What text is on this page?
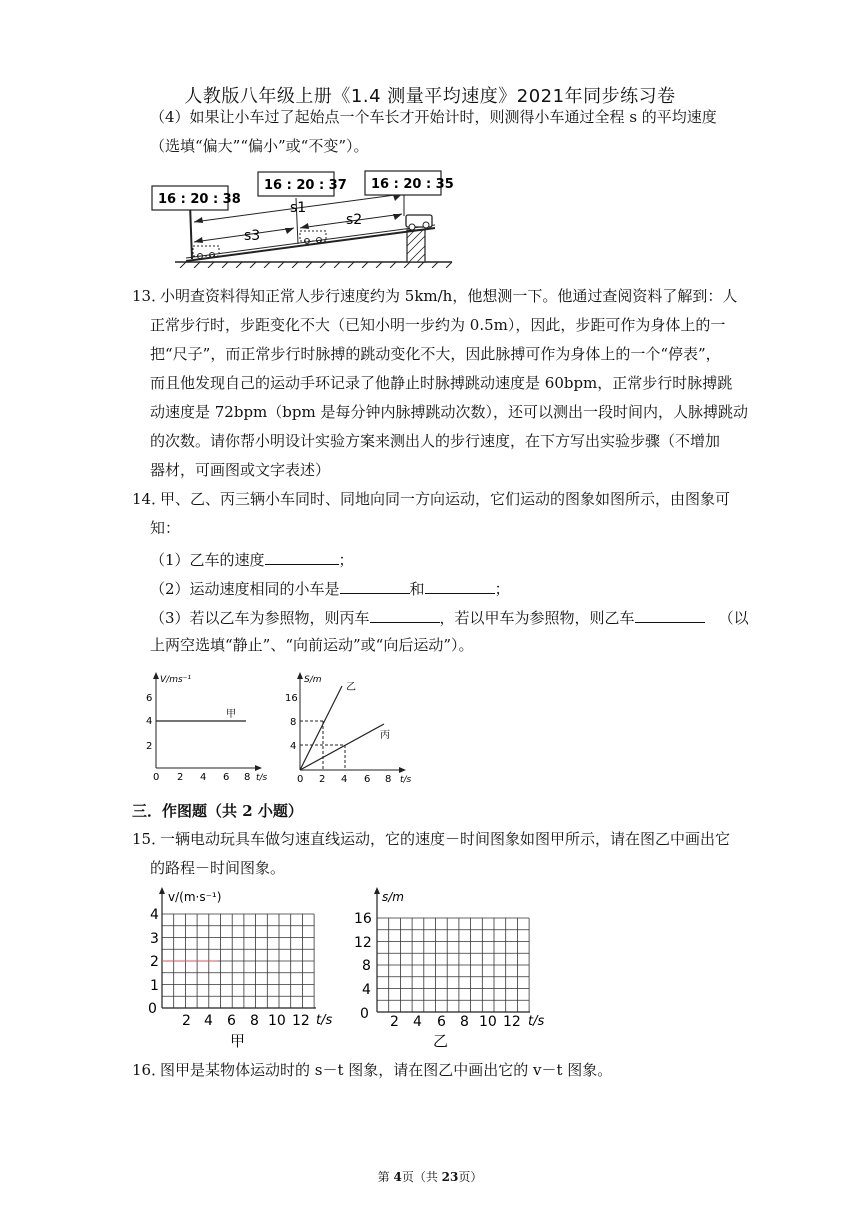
人教版八年级上册《1.4 测量平均速度》2021年同步练习卷
（4）如果让小车过了起始点一个车长才开始计时，则测得小车通过全程 s 的平均速度
（选填“偏大”“偏小”或“不变”）。
s1
s2
s3
16 : 20 : 38
16 : 20 : 37 16 : 20 : 35
13．
小明查资料得知正常人步行速度约为 5km/h，他想测一下。他通过查阅资料了解到：人
正常步行时，步距变化不大（已知小明一步约为 0.5m），因此，步距可作为身体上的一
把“尺子”，而正常步行时脉搏的跳动变化不大，因此脉搏可作为身体上的一个“停表”，
而且他发现自己的运动手环记录了他静止时脉搏跳动速度是 60bpm，正常步行时脉搏跳
动速度是 72bpm（bpm 是每分钟内脉搏跳动次数），还可以测出一段时间内，人脉搏跳动
的次数。请你帮小明设计实验方案来测出人的步行速度，在下方写出实验步骤（不增加
器材，可画图或文字表述）
14．
甲、乙、丙三辆小车同时、同地向同一方向运动，它们运动的图象如图所示，由图象可
知：
（1）乙车的速度	；
（2）运动速度相同的小车是	和	；
（3）若以乙车为参照物，则丙车	，若以甲车为参照物，则乙车	（以
上两空选填“静止”、“向前运动”或“向后运动”）。
V/ms⁻¹
t/s
2
4
6
0 2 4 6 8
甲
S/m
t/s
4
8
16
0 2 4 6 8
乙
丙
三．作图题（共 2 小题）
15．
一辆电动玩具车做匀速直线运动，它的速度－时间图象如图甲所示，请在图乙中画出它
的路程－时间图象。
v/(m·s⁻¹)
t/s
0
1
2
3
4
2 4 6 8 10 12
甲
s/m
t/s
0
4
8
12
16
2 4 6 8 10 12
乙
16．
图甲是某物体运动时的 s－t 图象，请在图乙中画出它的 v－t 图象。
第 4页（共 23页）
